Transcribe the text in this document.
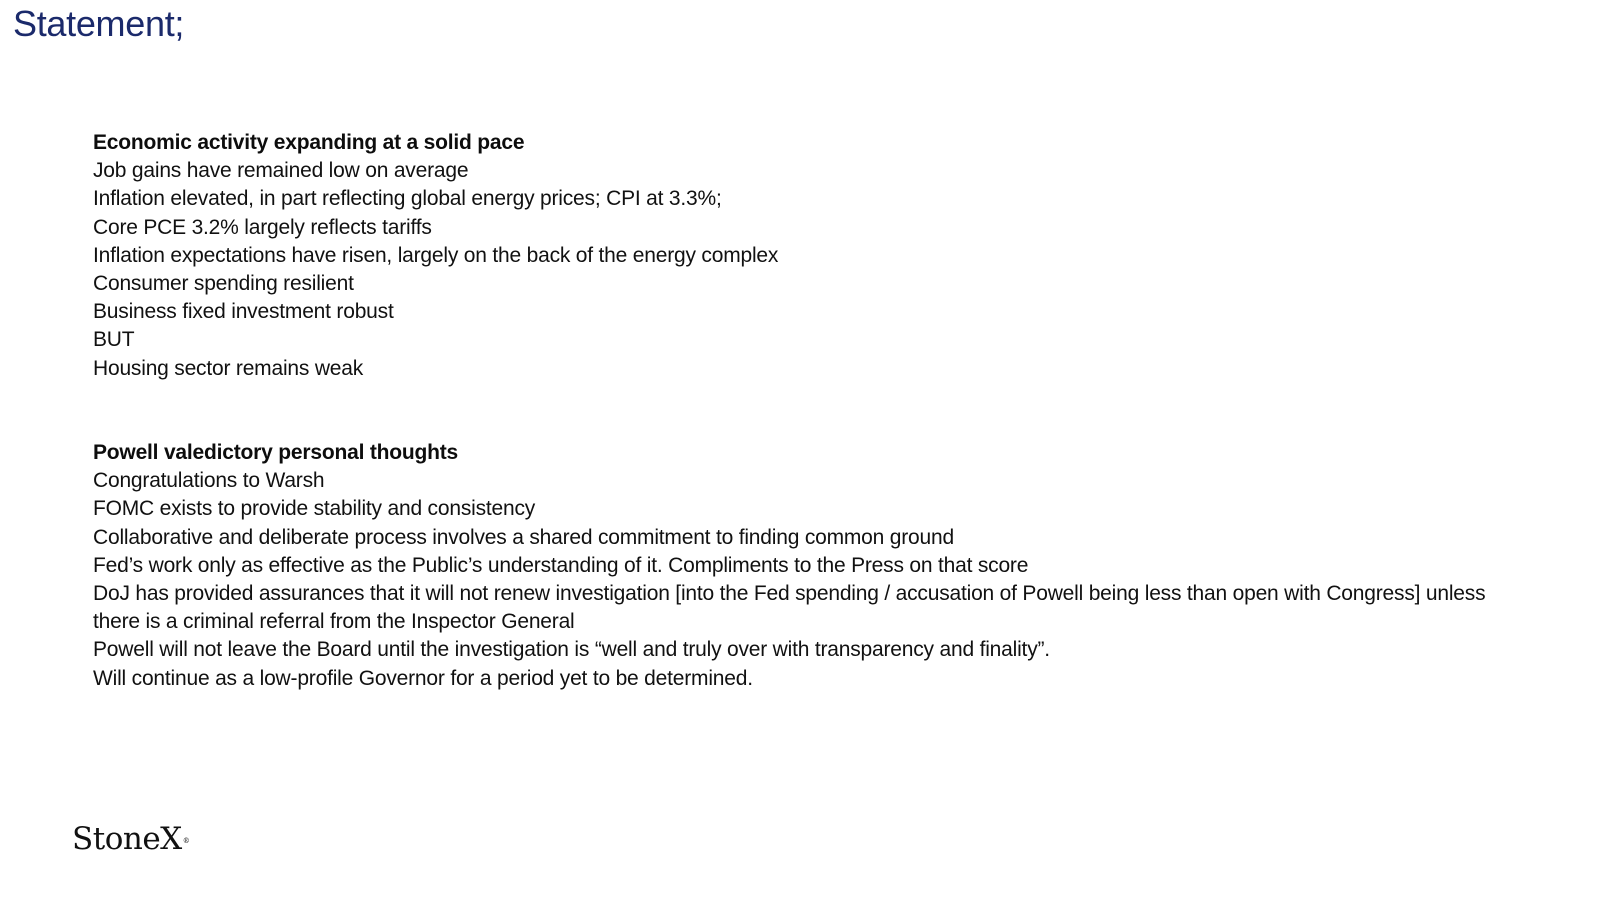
Statement;
Economic activity expanding at a solid pace
Job gains have remained low on average
Inflation elevated, in part reflecting global energy prices; CPI at 3.3%;
Core PCE 3.2% largely reflects tariffs
Inflation expectations have risen, largely on the back of the energy complex
Consumer spending resilient
Business fixed investment robust
BUT
Housing sector remains weak
Powell valedictory personal thoughts
Congratulations to Warsh
FOMC exists to provide stability and consistency
Collaborative and deliberate process involves a shared commitment to finding common ground
Fed’s work only as effective as the Public’s understanding of it. Compliments to the Press on that score
DoJ has provided assurances that it will not renew investigation [into the Fed spending / accusation of Powell being less than open with Congress] unless there is a criminal referral from the Inspector General
Powell will not leave the Board until the investigation is “well and truly over with transparency and finality”.
Will continue as a low-profile Governor for a period yet to be determined.
StoneX®
